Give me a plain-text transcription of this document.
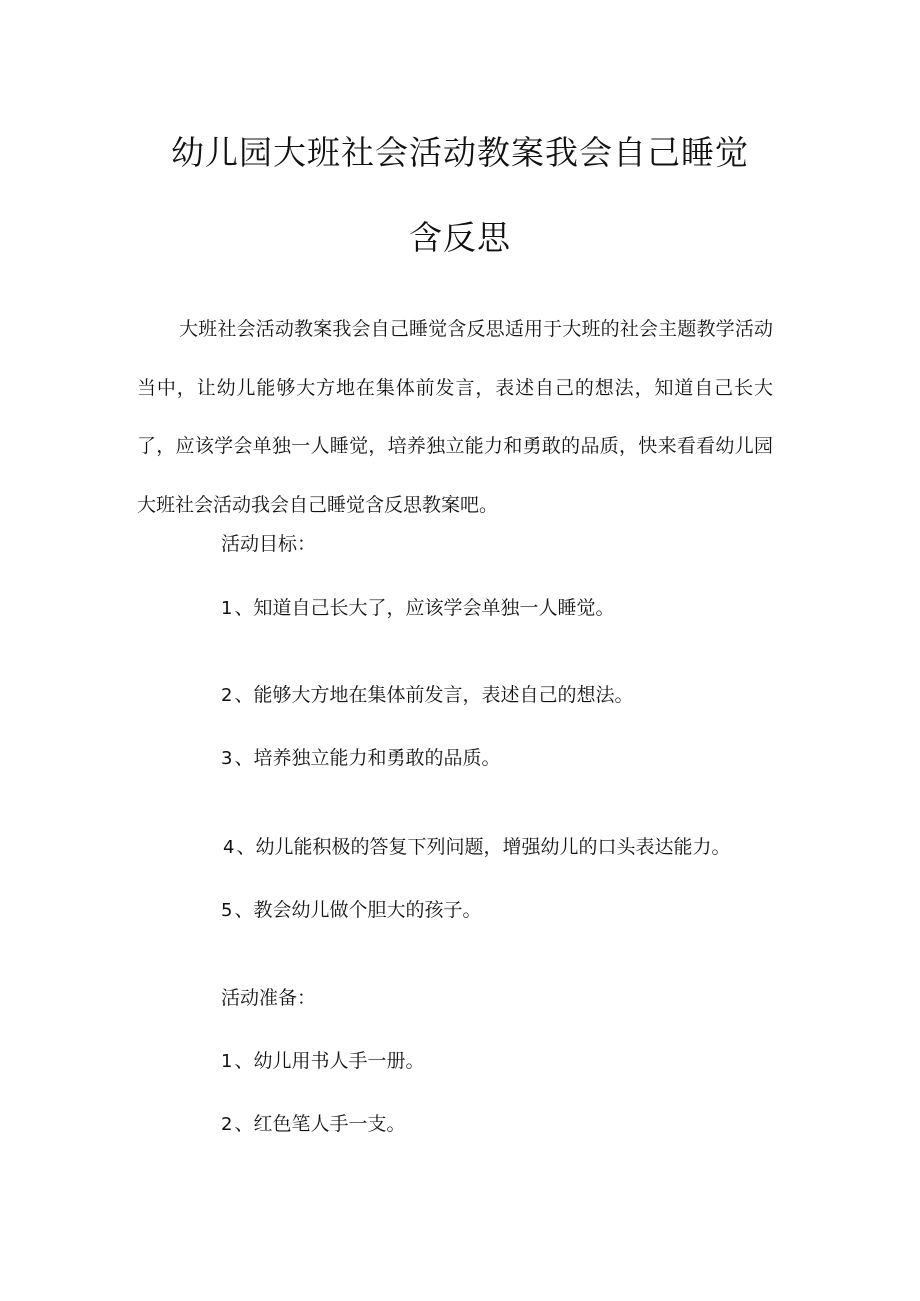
幼儿园大班社会活动教案我会自己睡觉
含反思

大班社会活动教案我会自己睡觉含反思适用于大班的社会主题教学活动当中，让幼儿能够大方地在集体前发言，表述自己的想法，知道自己长大了，应该学会单独一人睡觉，培养独立能力和勇敢的品质，快来看看幼儿园大班社会活动我会自己睡觉含反思教案吧。

活动目标：
1 、知道自己长大了，应该学会单独一人睡觉。
2 、能够大方地在集体前发言，表述自己的想法。
3 、培养独立能力和勇敢的品质。
4 、幼儿能积极的答复下列问题，增强幼儿的口头表达能力。
5 、教会幼儿做个胆大的孩子。
活动准备：
1 、幼儿用书人手一册。
2 、红色笔人手一支。
